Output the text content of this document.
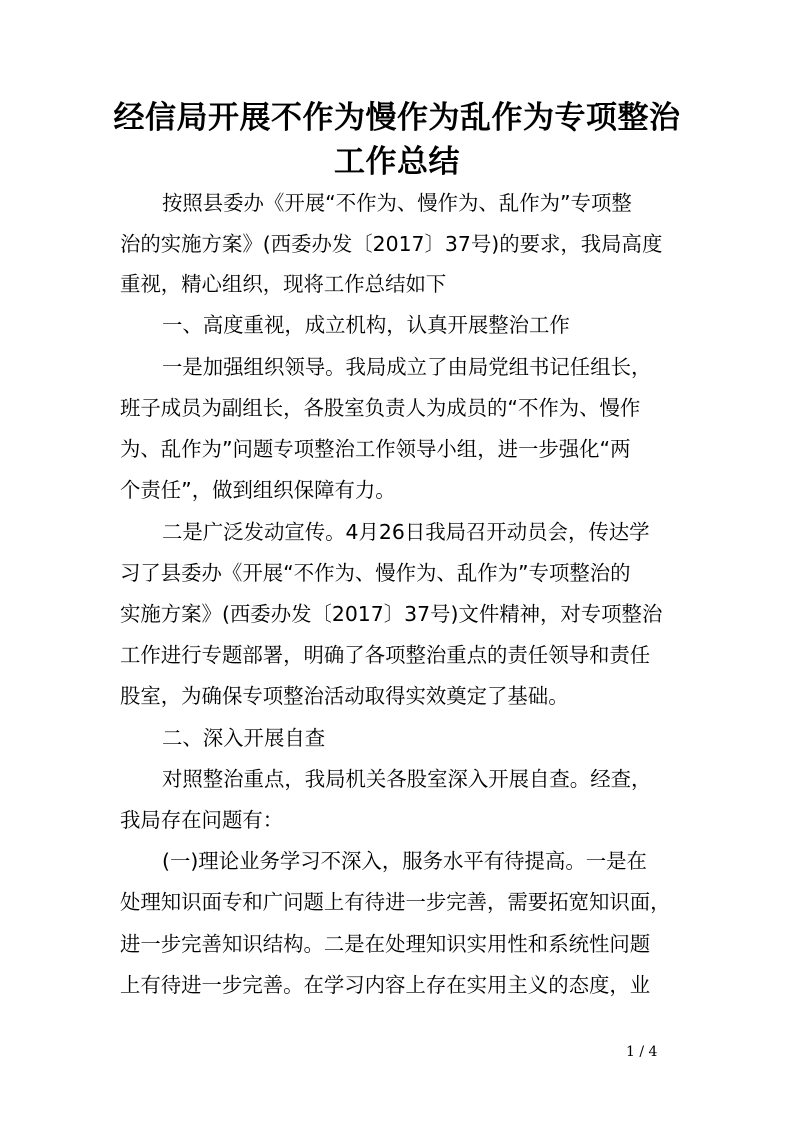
经信局开展不作为慢作为乱作为专项整治
工作总结
按照县委办《开展“不作为、慢作为、乱作为”专项整
治的实施方案》(西委办发〔2017〕37号)的要求，我局高度
重视，精心组织，现将工作总结如下
一、高度重视，成立机构，认真开展整治工作
一是加强组织领导。我局成立了由局党组书记任组长，
班子成员为副组长，各股室负责人为成员的“不作为、慢作
为、乱作为”问题专项整治工作领导小组，进一步强化“两
个责任”，做到组织保障有力。
二是广泛发动宣传。4月26日我局召开动员会，传达学
习了县委办《开展“不作为、慢作为、乱作为”专项整治的
实施方案》(西委办发〔2017〕37号)文件精神，对专项整治
工作进行专题部署，明确了各项整治重点的责任领导和责任
股室，为确保专项整治活动取得实效奠定了基础。
二、深入开展自查
对照整治重点，我局机关各股室深入开展自查。经查，
我局存在问题有：
(一)理论业务学习不深入，服务水平有待提高。一是在
处理知识面专和广问题上有待进一步完善，需要拓宽知识面，
进一步完善知识结构。二是在处理知识实用性和系统性问题
上有待进一步完善。在学习内容上存在实用主义的态度，业
1 / 4
